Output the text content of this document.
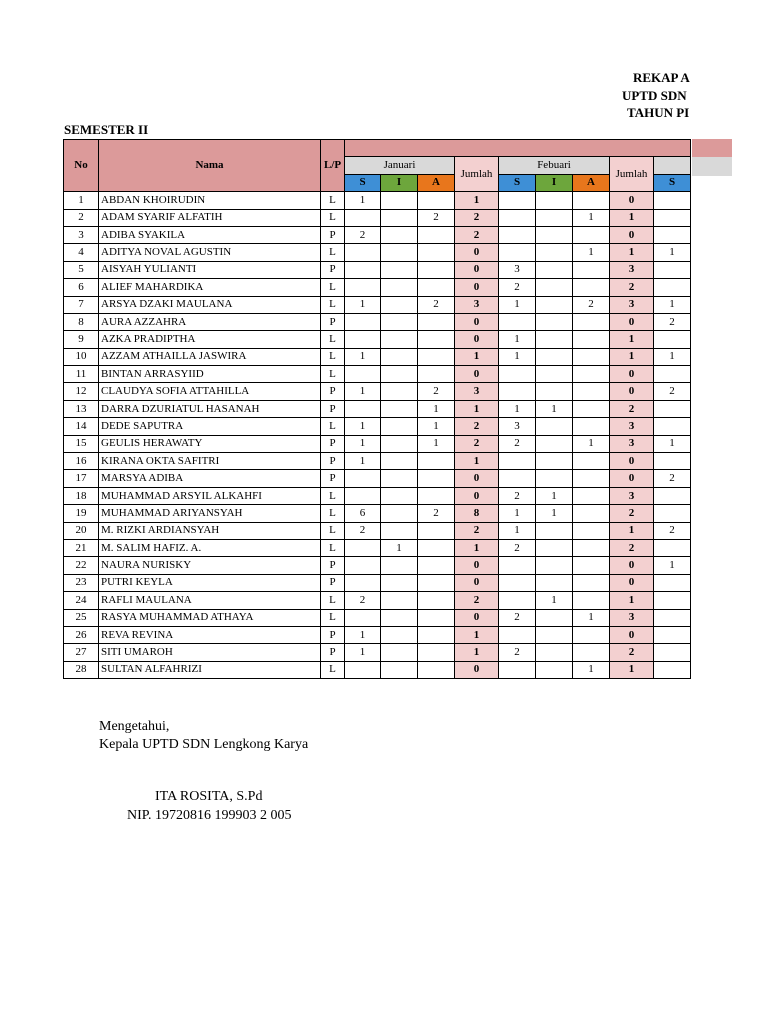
REKAP A
UPTD SDN
TAHUN PI
SEMESTER II
No	Nama	L/P									
			Januari			Jumlah	Febuari			Jumlah	
			S	I	A		S	I	A		S
1	ABDAN KHOIRUDIN	L	1			1				0	
2	ADAM SYARIF ALFATIH	L			2	2			1	1	
3	ADIBA SYAKILA	P	2			2				0	
4	ADITYA NOVAL AGUSTIN	L				0			1	1	1
5	AISYAH YULIANTI	P				0	3			3	
6	ALIEF MAHARDIKA	L				0	2			2	
7	ARSYA DZAKI MAULANA	L	1		2	3	1		2	3	1
8	AURA AZZAHRA	P				0				0	2
9	AZKA PRADIPTHA	L				0	1			1	
10	AZZAM ATHAILLA JASWIRA	L	1			1	1			1	1
11	BINTAN ARRASYIID	L				0				0	
12	CLAUDYA SOFIA ATTAHILLA	P	1		2	3				0	2
13	DARRA DZURIATUL HASANAH	P			1	1	1	1		2	
14	DEDE SAPUTRA	L	1		1	2	3			3	
15	GEULIS HERAWATY	P	1		1	2	2		1	3	1
16	KIRANA OKTA SAFITRI	P	1			1				0	
17	MARSYA ADIBA	P				0				0	2
18	MUHAMMAD ARSYIL ALKAHFI	L				0	2	1		3	
19	MUHAMMAD ARIYANSYAH	L	6		2	8	1	1		2	
20	M. RIZKI ARDIANSYAH	L	2			2	1			1	2
21	M. SALIM HAFIZ. A.	L		1		1	2			2	
22	NAURA NURISKY	P				0				0	1
23	PUTRI KEYLA	P				0				0	
24	RAFLI MAULANA	L	2			2		1		1	
25	RASYA MUHAMMAD ATHAYA	L				0	2		1	3	
26	REVA REVINA	P	1			1				0	
27	SITI UMAROH	P	1			1	2			2	
28	SULTAN ALFAHRIZI	L				0			1	1	
Mengetahui,
Kepala UPTD SDN Lengkong Karya
ITA ROSITA, S.Pd
NIP. 19720816 199903 2 005
